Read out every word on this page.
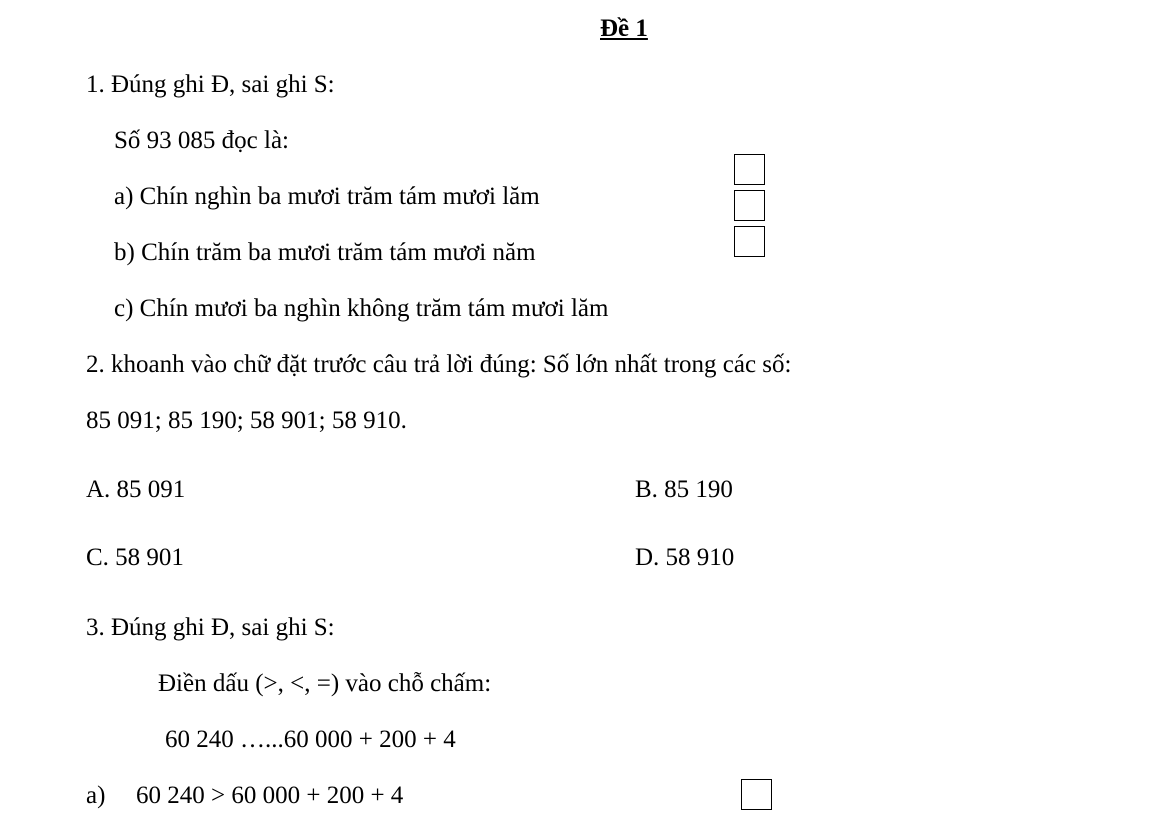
Đề 1
1. Đúng ghi Đ, sai ghi S:
Số 93 085 đọc là:
a) Chín nghìn ba mươi trăm tám mươi lăm
b) Chín trăm ba mươi trăm tám mươi năm
c) Chín mươi ba nghìn không trăm tám mươi lăm
2. khoanh vào chữ đặt trước câu trả lời đúng: Số lớn nhất trong các số:
85 091; 85 190; 58 901; 58 910.
A. 85 091	B. 85 190
C. 58 901	D. 58 910
3. Đúng ghi Đ, sai ghi S:
Điền dấu (>, <, =) vào chỗ chấm:
60 240 …...60 000 + 200 + 4
a) 60 240 > 60 000 + 200 + 4
